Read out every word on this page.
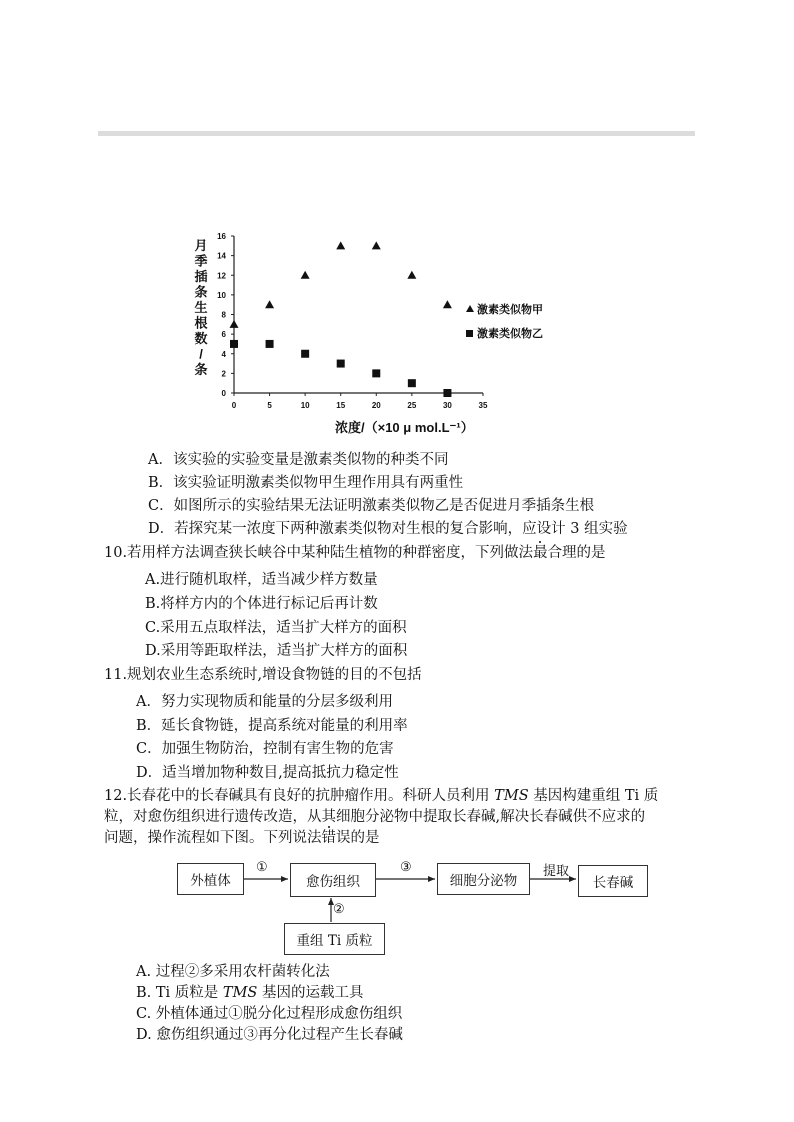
月
季
插
条
生
根
数
/
条
0	5	10	15	20	25	30	35
0
2
4
6
8
10
12
14
16
激素类似物甲
激素类似物乙
浓度/（×10 μ mol.L⁻¹）
A．该实验的实验变量是激素类似物的种类不同
B．该实验证明激素类似物甲生理作用具有两重性
C．如图所示的实验结果无法证明激素类似物乙是否促进月季插条生根
D．若探究某一浓度下两种激素类似物对生根的复合影响，应设计 3 组实验
10.若用样方法调查狭长峡谷中某种陆生植物的种群密度，下列做法最合理的是
A.进行随机取样，适当减少样方数量
B.将样方内的个体进行标记后再计数
C.采用五点取样法，适当扩大样方的面积
D.采用等距取样法，适当扩大样方的面积
11.规划农业生态系统时,增设食物链的目的不包括
A．努力实现物质和能量的分层多级利用
B．延长食物链，提高系统对能量的利用率
C．加强生物防治，控制有害生物的危害
D．适当增加物种数目,提高抵抗力稳定性
12.长春花中的长春碱具有良好的抗肿瘤作用。科研人员利用 TMS 基因构建重组 Ti 质
粒，对愈伤组织进行遗传改造，从其细胞分泌物中提取长春碱,解决长春碱供不应求的
问题，操作流程如下图。下列说法错误的是
外植体	愈伤组织	细胞分泌物	长春碱
重组 Ti 质粒
①	③	提取
②
A. 过程②多采用农杆菌转化法
B. Ti 质粒是 TMS 基因的运载工具
C. 外植体通过①脱分化过程形成愈伤组织
D. 愈伤组织通过③再分化过程产生长春碱
